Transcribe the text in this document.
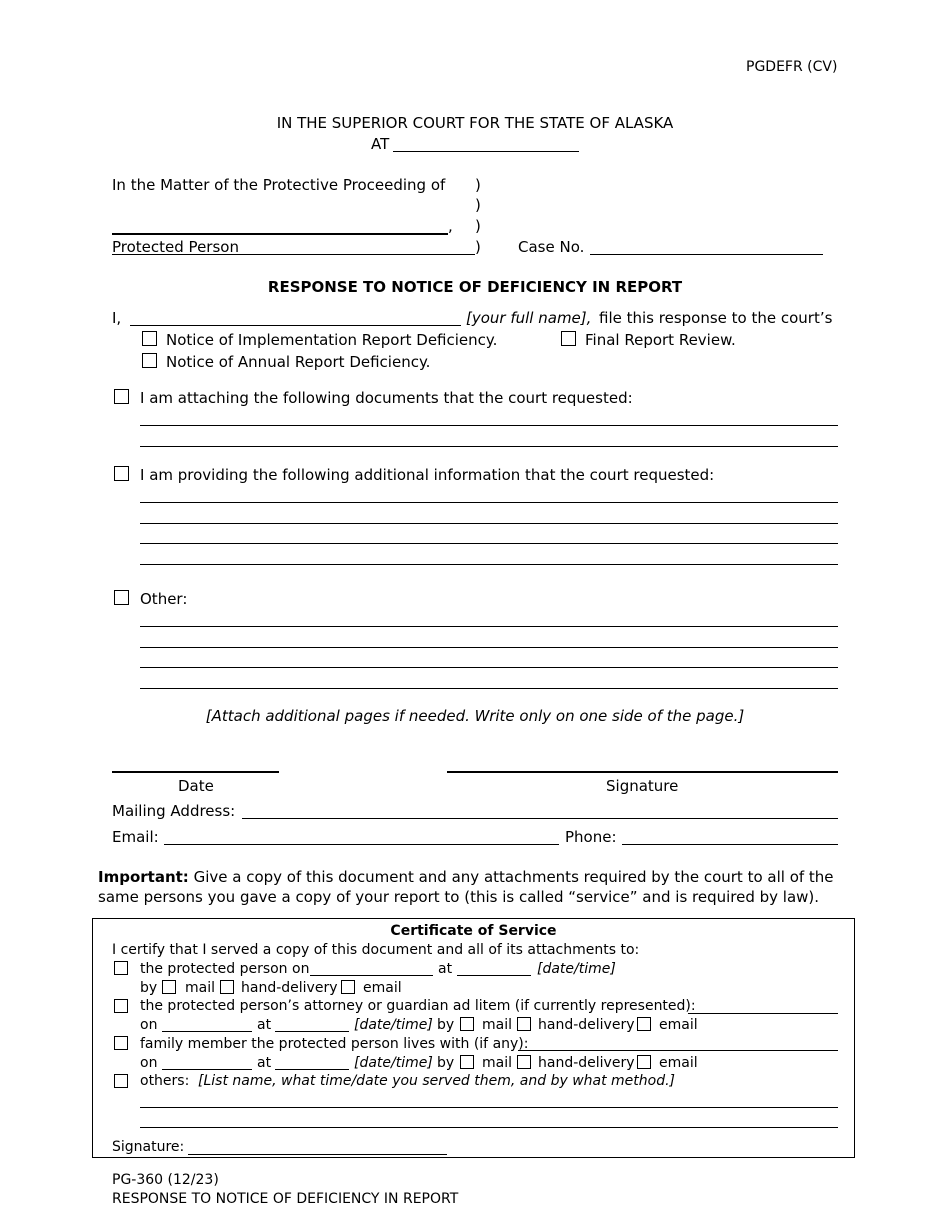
PGDEFR (CV)
IN THE SUPERIOR COURT FOR THE STATE OF ALASKA
AT
In the Matter of the Protective Proceeding of )
)
)
)
,
Protected Person	Case No.
RESPONSE TO NOTICE OF DEFICIENCY IN REPORT
I,	[your full name], file this response to the court’s
Notice of Implementation Report Deficiency.	Final Report Review.
Notice of Annual Report Deficiency.
I am attaching the following documents that the court requested:
I am providing the following additional information that the court requested:
Other:
[Attach additional pages if needed. Write only on one side of the page.]
Date	Signature
Mailing Address:
Email:	Phone:
Important: Give a copy of this document and any attachments required by the court to all of the
same persons you gave a copy of your report to (this is called “service” and is required by law).
Certificate of Service
I certify that I served a copy of this document and all of its attachments to:
the protected person on	at	[date/time]
by mail hand-delivery email
the protected person’s attorney or guardian ad litem (if currently represented):
on	at	[date/time] by mail hand-delivery email
family member the protected person lives with (if any):
on	at	[date/time] by mail hand-delivery email
others: [List name, what time/date you served them, and by what method.]
Signature:
PG-360 (12/23)
RESPONSE TO NOTICE OF DEFICIENCY IN REPORT
